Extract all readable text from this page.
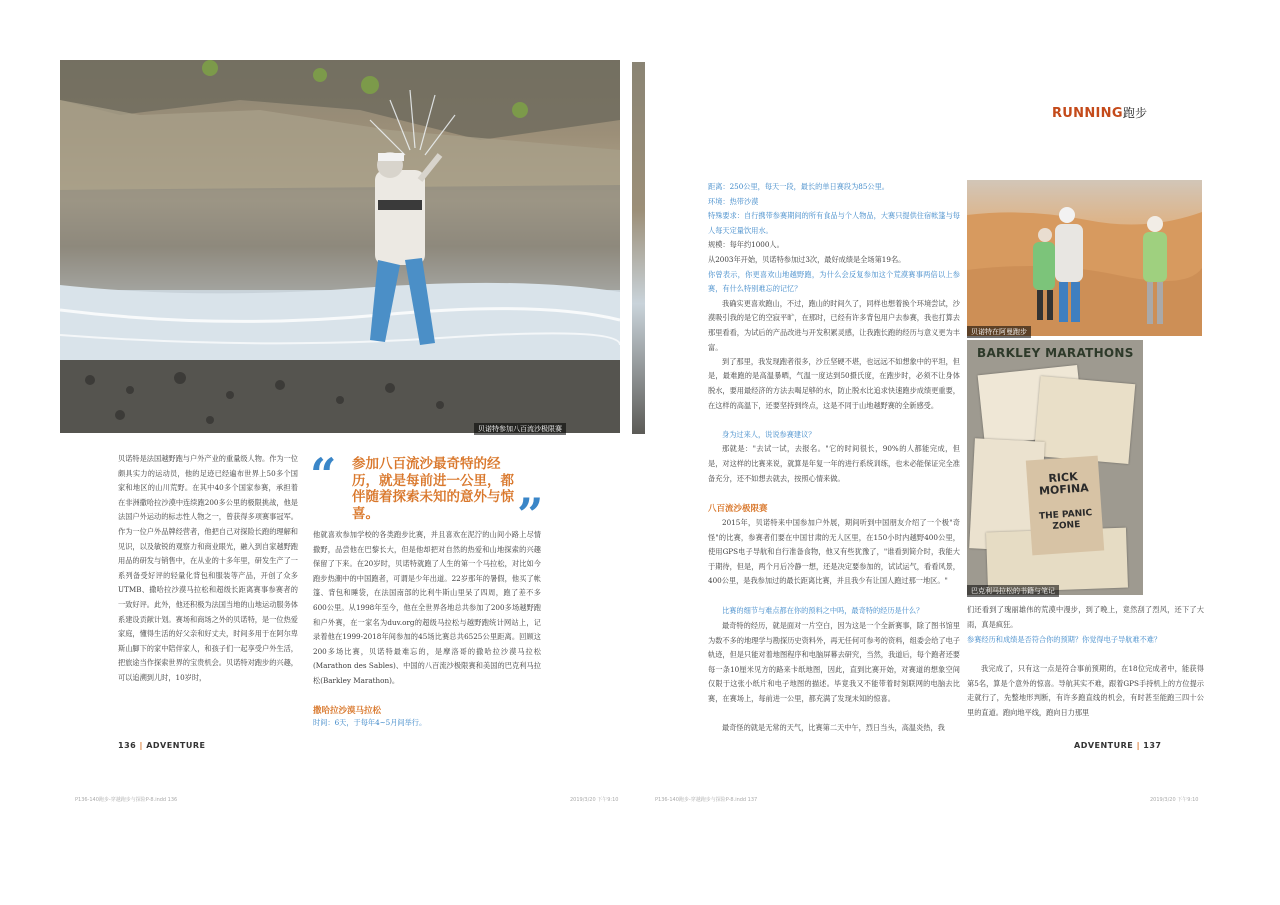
贝诺特参加八百流沙极限赛
贝诺特是法国越野跑与户外产业的重量级人物。作为一位颇具实力的运动员，他的足迹已经遍布世界上50多个国家和地区的山川荒野。在其中40多个国家参赛，承担着在非洲撒哈拉沙漠中连续跑200多公里的极限挑战，他是法国户外运动的标志性人物之一，曾获得多项赛事冠军。作为一位户外品牌经营者，他把自己对探险长跑的理解和见识，以及敏锐的观察力和商业眼光，融入到自家越野跑用品的研发与销售中，在从业的十多年里，研发生产了一系列备受好评的轻量化背包和服装等产品，开创了众多UTMB、撒哈拉沙漠马拉松和超级长距离赛事参赛者的一致好评。此外，他还积极为法国当地的山地运动服务体系建设贡献计划。赛场和商场之外的贝诺特，是一位热爱家庭，懂得生活的好父亲和好丈夫，时间多用于在阿尔卑斯山脚下的家中陪伴家人，和孩子们一起享受户外生活，把旅途当作探索世界的宝贵机会。贝诺特对跑步的兴趣，可以追溯到儿时，10岁时，
“ 参加八百流沙最奇特的经历，就是每前进一公里，都伴随着探索未知的意外与惊喜。	”
他就喜欢参加学校的各类跑步比赛，并且喜欢在泥泞的山间小路上尽情撒野，品尝他在巴黎长大，但是他却把对自然的热爱和山地探索的兴趣保留了下来。在20岁时，贝诺特就跑了人生的第一个马拉松，对比如今跑步热潮中的中国跑者，可谓是少年出道。22岁那年的暑假，他买了帐篷、背包和睡袋，在法国南部的比利牛斯山里呆了四周，跑了差不多600公里。从1998年至今，他在全世界各地总共参加了200多场越野跑和户外赛，在一家名为duv.org的超级马拉松与越野跑统计网站上，记录着他在1999-2018年间参加的45场比赛总共6525公里距离。回顾这200多场比赛，贝诺特最难忘的，是摩洛哥的撒哈拉沙漠马拉松(Marathon des Sables)、中国的八百流沙极限赛和美国的巴克利马拉松(Barkley Marathon)。
撒哈拉沙漠马拉松
时间：6天，于每年4~5月间举行。
136 | ADVENTURE
P136-140跑步-穿越跑步与探险P-8.indd 136	2019/3/20 下午9:10
RUNNING跑步
距离：250公里，每天一段，最长的单日赛段为85公里。
环境：热带沙漠
特殊要求：自行携带参赛期间的所有食品与个人物品，大赛只提供住宿帐篷与每人每天定量饮用水。
规模：每年约1000人。
从2003年开始，贝诺特参加过3次，最好成绩是全场第19名。
你曾表示，你更喜欢山地越野跑，为什么会反复参加这个荒漠赛事两倍以上参赛，有什么特别难忘的记忆？
我确实更喜欢跑山，不过，跑山的时间久了，同样也想着换个环境尝试，沙漠吸引我的是它的空寂平旷，在那时，已经有许多背包用户去参赛，我也打算去那里看看，为试后的产品改进与开发积累灵感，让我跑长跑的经历与意义更为丰富。
到了那里，我发现跑者很多，沙丘坚硬不堪，也远远不如想象中的平坦，但是，最难跑的是高温暴晒，气温一度达到50摄氏度，在跑步时，必须不让身体脱水，要用最经济的方法去喝足够的水，防止脱水比追求快速跑步成绩更重要，在这样的高温下，还要坚持到终点，这是不同于山地越野赛的全新感受。
身为过来人，说说参赛建议？
那就是："去试一试，去报名。"它的时间很长，90%的人都能完成，但是，对这样的比赛来说，就算是年复一年的进行系统训练，也未必能保证完全准备充分，还不如想去就去，按照心情来做。
八百流沙极限赛
2015年，贝诺特来中国参加户外展，期间听到中国朋友介绍了一个极"奇怪"的比赛，参赛者们要在中国甘肃的无人区里，在150小时内越野400公里，使用GPS电子导航和自行准备食物，他又有些犹豫了，"谁看到简介时，我能大于期待，但是，两个月后冷静一想，还是决定要参加的，试试运气，看看风景，400公里，是我参加过的最长距离比赛，并且我少有让国人跑过那一地区。"
比赛的细节与难点都在你的预料之中吗，最奇特的经历是什么？
最奇特的经历，就是面对一片空白，因为这是一个全新赛事，除了图书馆里为数不多的地理学与勘探历史资料外，再无任何可参考的资料，组委会给了电子轨迹，但是只能对着地图程序和电脑屏幕去研究，当然，我道后，每个跑者还要每一条10厘米见方的路来卡纸地图，因此，直到比赛开始，对赛道的想象空间仅限于这张小纸片和电子地图的描述。毕竟我又不能带着时刻联网的电脑去比赛，在赛场上，每前进一公里，都充满了发现未知的惊喜。
最奇怪的就是无常的天气，比赛第二天中午，烈日当头，高温炎热，我
贝诺特在阿曼跑步
BARKLEY MARATHONS
RICK MOFINA
THE PANIC ZONE
巴克利马拉松的书籍与笔记
们还看到了瑰丽雄伟的荒漠中漫步，到了晚上，竟然刮了烈风，还下了大雨，真是疯狂。
参赛经历和成绩是否符合你的预期？你觉得电子导航难不难？
我完成了，只有这一点是符合事前预期的，在18位完成者中，能获得第5名，算是个意外的惊喜。导航其实不难，跟着GPS手持机上的方位提示走就行了，先整地形判断，有许多跑直线的机会，有时甚至能跑三四十公里的直道。跑向地平线，跑向日力那里
ADVENTURE | 137
P136-140跑步-穿越跑步与探险P-8.indd 137	2019/3/20 下午9:10
